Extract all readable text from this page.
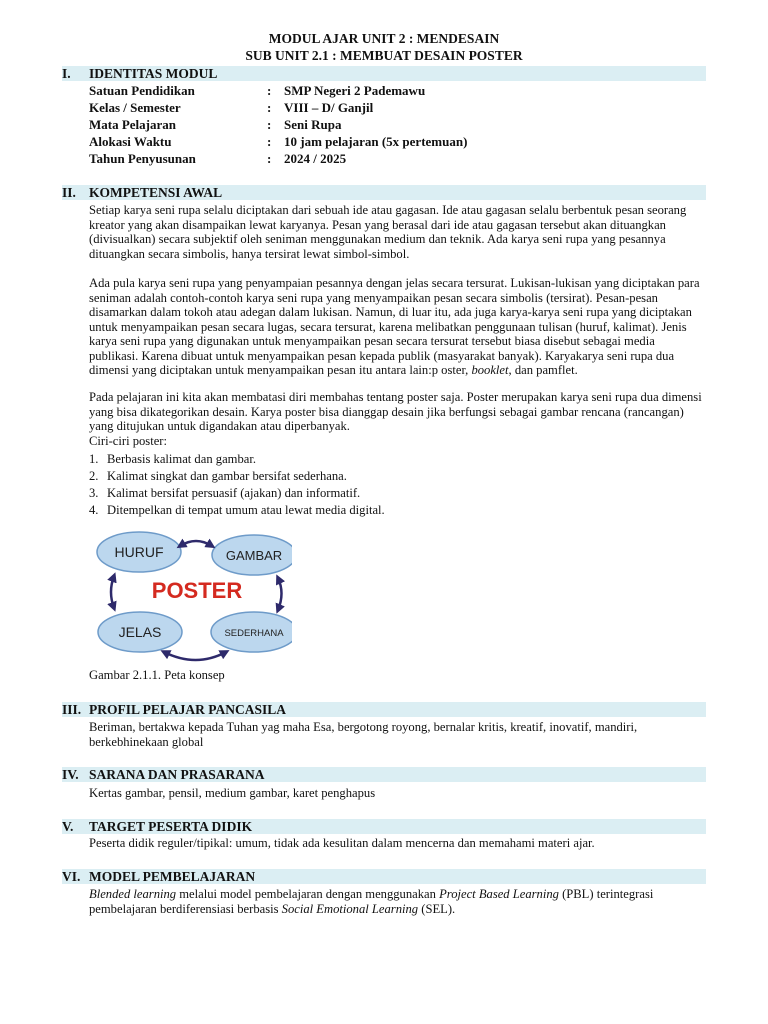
MODUL AJAR UNIT 2 : MENDESAIN
SUB UNIT 2.1 : MEMBUAT DESAIN POSTER
I. IDENTITAS MODUL
Satuan Pendidikan	: SMP Negeri 2 Pademawu
Kelas / Semester	: VIII – D/ Ganjil
Mata Pelajaran	: Seni Rupa
Alokasi Waktu	: 10 jam pelajaran (5x pertemuan)
Tahun Penyusunan	: 2024 / 2025
II. KOMPETENSI AWAL
Setiap karya seni rupa selalu diciptakan dari sebuah ide atau gagasan. Ide atau gagasan selalu berbentuk pesan seorang kreator yang akan disampaikan lewat karyanya. Pesan yang berasal dari ide atau gagasan tersebut akan dituangkan (divisualkan) secara subjektif oleh seniman menggunakan medium dan teknik. Ada karya seni rupa yang pesannya dituangkan secara simbolis, hanya tersirat lewat simbol-simbol.
Ada pula karya seni rupa yang penyampaian pesannya dengan jelas secara tersurat. Lukisan-lukisan yang diciptakan para seniman adalah contoh-contoh karya seni rupa yang menyampaikan pesan secara simbolis (tersirat). Pesan-pesan disamarkan dalam tokoh atau adegan dalam lukisan. Namun, di luar itu, ada juga karya-karya seni rupa yang diciptakan untuk menyampaikan pesan secara lugas, secara tersurat, karena melibatkan penggunaan tulisan (huruf, kalimat). Jenis karya seni rupa yang digunakan untuk menyampaikan pesan secara tersurat tersebut biasa disebut sebagai media publikasi. Karena dibuat untuk menyampaikan pesan kepada publik (masyarakat banyak). Karyakarya seni rupa dua dimensi yang diciptakan untuk menyampaikan pesan itu antara lain:p oster, booklet, dan pamflet.
Pada pelajaran ini kita akan membatasi diri membahas tentang poster saja. Poster merupakan karya seni rupa dua dimensi yang bisa dikategorikan desain. Karya poster bisa dianggap desain jika berfungsi sebagai gambar rencana (rancangan) yang ditujukan untuk digandakan atau diperbanyak.
Ciri-ciri poster:
1. Berbasis kalimat dan gambar.
2. Kalimat singkat dan gambar bersifat sederhana.
3. Kalimat bersifat persuasif (ajakan) dan informatif.
4. Ditempelkan di tempat umum atau lewat media digital.
HURUF	GAMBAR
JELAS	SEDERHANA
POSTER
Gambar 2.1.1. Peta konsep
III. PROFIL PELAJAR PANCASILA
Beriman, bertakwa kepada Tuhan yag maha Esa, bergotong royong, bernalar kritis, kreatif, inovatif, mandiri, berkebhinekaan global
IV. SARANA DAN PRASARANA
Kertas gambar, pensil, medium gambar, karet penghapus
V. TARGET PESERTA DIDIK
Peserta didik reguler/tipikal: umum, tidak ada kesulitan dalam mencerna dan memahami materi ajar.
VI. MODEL PEMBELAJARAN
Blended learning melalui model pembelajaran dengan menggunakan Project Based Learning (PBL) terintegrasi pembelajaran berdiferensiasi berbasis Social Emotional Learning (SEL).
